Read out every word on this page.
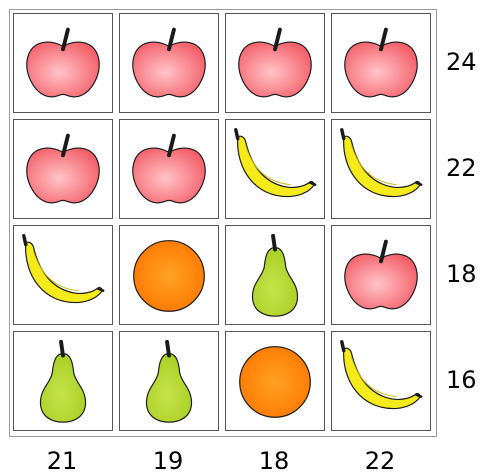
24
22
18
16
21	19	18	22
